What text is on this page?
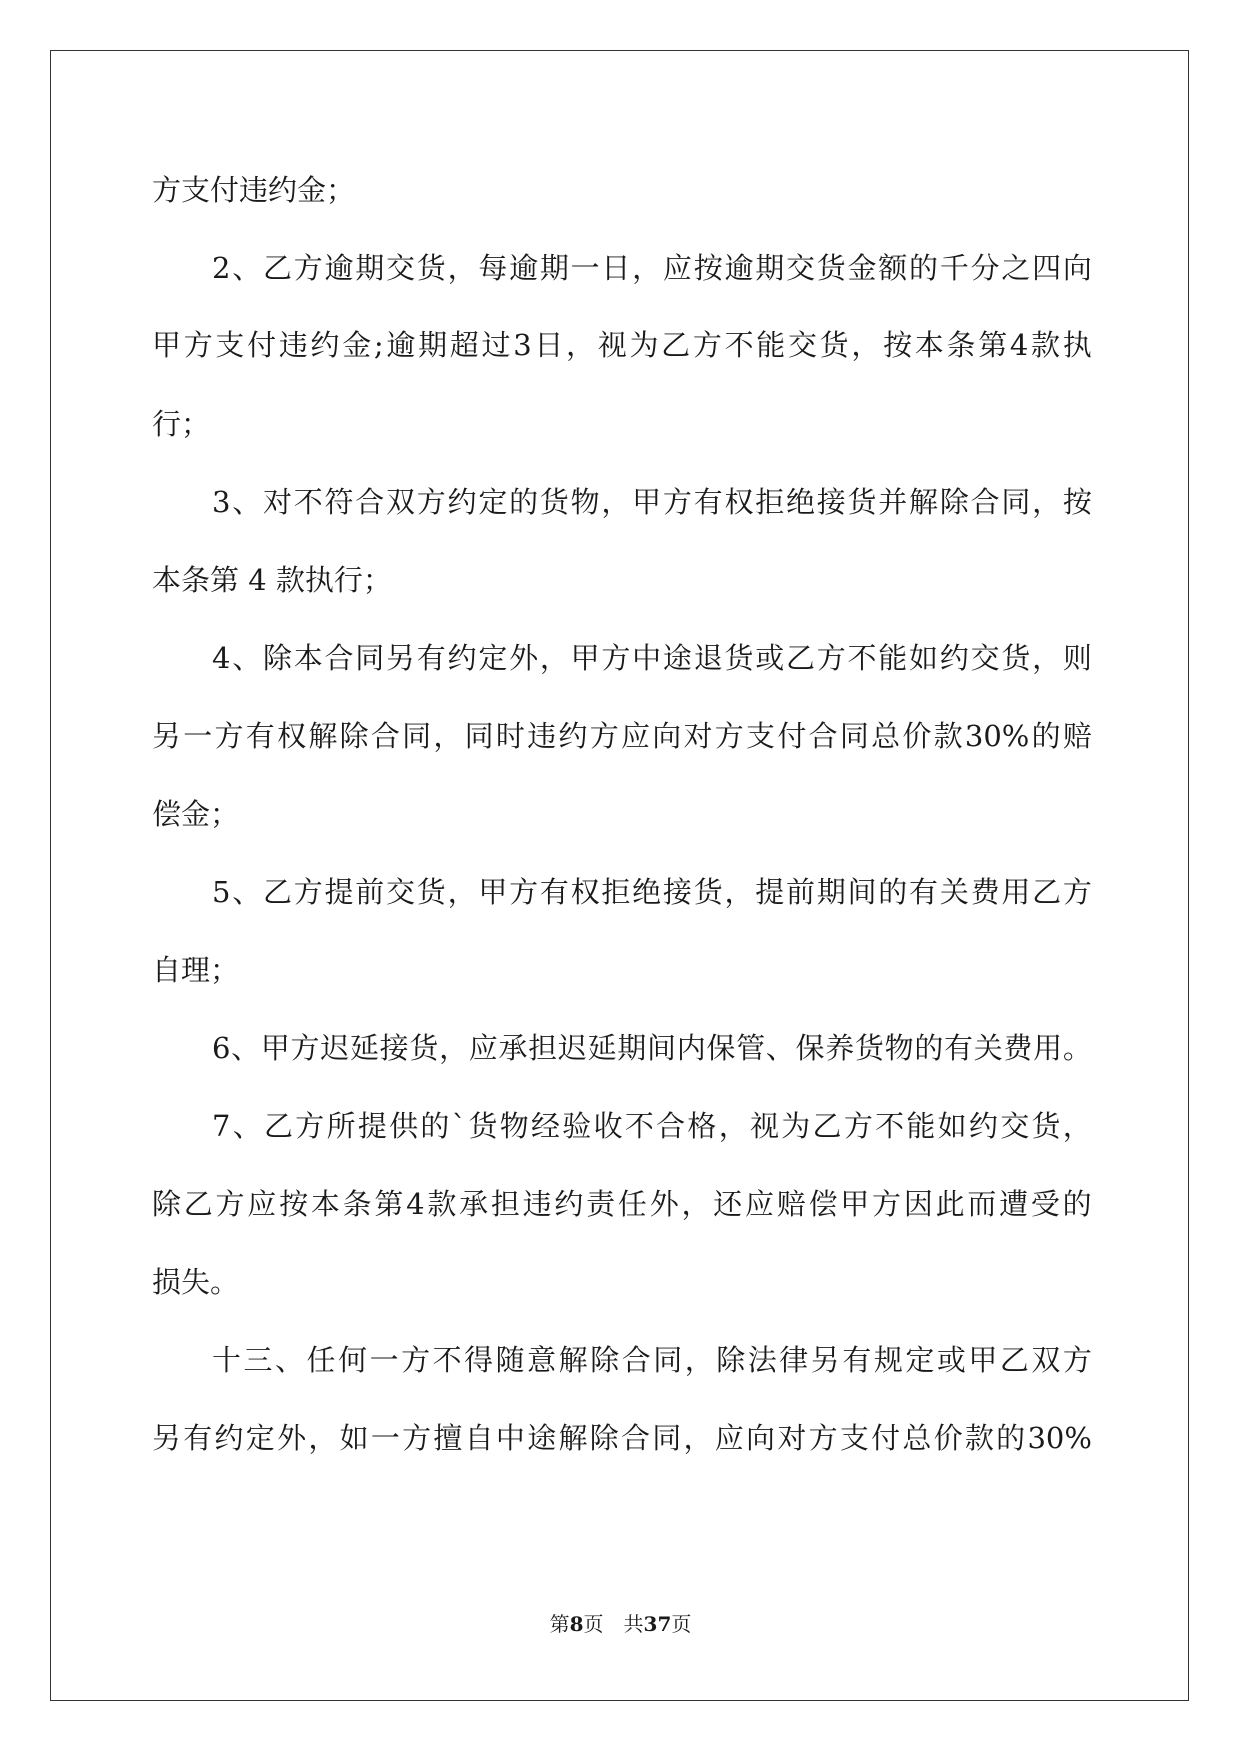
方支付违约金；
2 、 乙 方 逾 期 交 货 ， 每 逾 期 一 日 ， 应 按 逾 期 交 货 金 额 的 千 分 之 四 向
甲 方 支 付 违 约 金 ; 逾 期 超 过 3 日 ， 视 为 乙 方 不 能 交 货 ， 按 本 条 第 4 款 执
行；
3 、 对 不 符 合 双 方 约 定 的 货 物 ， 甲 方 有 权 拒 绝 接 货 并 解 除 合 同 ， 按
本条第 4 款执行；
4 、 除 本 合 同 另 有 约 定 外 ， 甲 方 中 途 退 货 或 乙 方 不 能 如 约 交 货 ， 则
另 一 方 有 权 解 除 合 同 ， 同 时 违 约 方 应 向 对 方 支 付 合 同 总 价 款 30% 的 赔
偿金；
5 、 乙 方 提 前 交 货 ， 甲 方 有 权 拒 绝 接 货 ， 提 前 期 间 的 有 关 费 用 乙 方
自理；
6 、 甲 方 迟 延 接 货 ， 应 承 担 迟 延 期 间 内 保 管 、 保 养 货 物 的 有 关 费 用 。
7 、 乙 方 所 提 供 的 ` 货 物 经 验 收 不 合 格 ， 视 为 乙 方 不 能 如 约 交 货 ，
除 乙 方 应 按 本 条 第 4 款 承 担 违 约 责 任 外 ， 还 应 赔 偿 甲 方 因 此 而 遭 受 的
损失。
十 三 、 任 何 一 方 不 得 随 意 解 除 合 同 ， 除 法 律 另 有 规 定 或 甲 乙 双 方
另 有 约 定 外 ， 如 一 方 擅 自 中 途 解 除 合 同 ， 应 向 对 方 支 付 总 价 款 的 30%
第8页　共37页
